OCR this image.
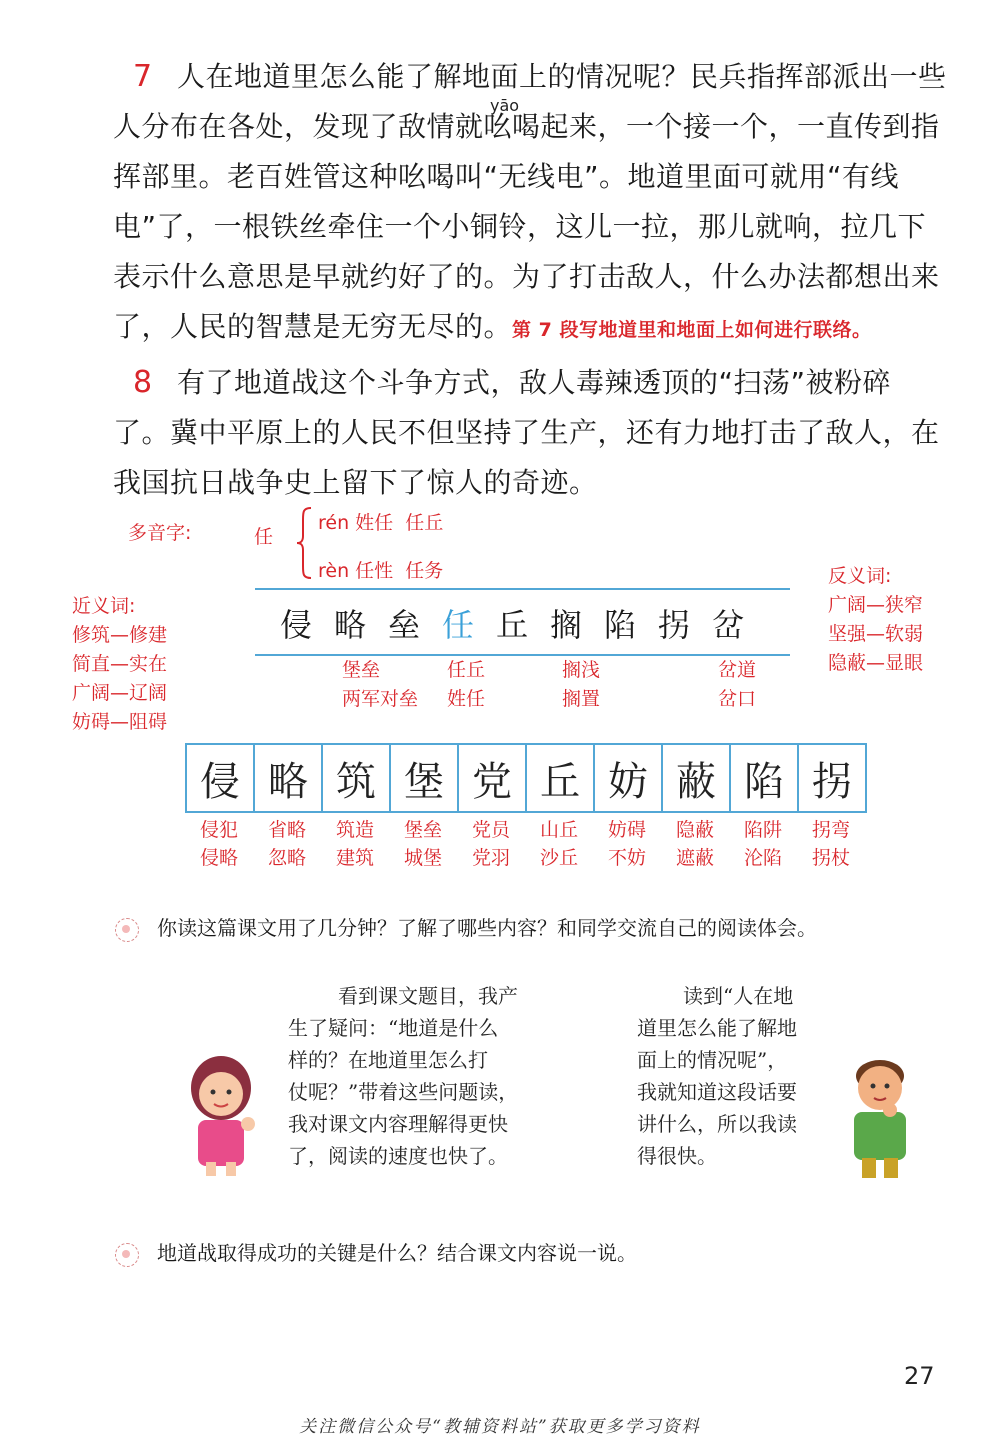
7 人在地道里怎么能了解地面上的情况呢？民兵指挥部派出一些
人分布在各处，发现了敌情就吆喝起来，一个接一个，一直传到指
挥部里。老百姓管这种吆喝叫“无线电”。地道里面可就用“有线
电”了，一根铁丝牵住一个小铜铃，这儿一拉，那儿就响，拉几下
表示什么意思是早就约好了的。为了打击敌人，什么办法都想出来
了，人民的智慧是无穷无尽的。第 7 段写地道里和地面上如何进行联络。
yāo
8 有了地道战这个斗争方式，敌人毒辣透顶的“扫荡”被粉碎
了。冀中平原上的人民不但坚持了生产，还有力地打击了敌人，在
我国抗日战争史上留下了惊人的奇迹。
多音字:	任
rén 姓任  任丘
rèn 任性  任务
近义词:
修筑—修建
简直—实在
广阔—辽阔
妨碍—阻碍
反义词:
广阔—狭窄
坚强—软弱
隐蔽—显眼
侵 略 垒 任 丘 搁 陷 拐 岔
堡垒
两军对垒
任丘
姓任
搁浅
搁置
岔道
岔口
侵 略 筑 堡 党 丘 妨 蔽 陷 拐
侵犯
侵略
省略
忽略
筑造
建筑
堡垒
城堡
党员
党羽
山丘
沙丘
妨碍
不妨
隐蔽
遮蔽
陷阱
沦陷
拐弯
拐杖
你读这篇课文用了几分钟？了解了哪些内容？和同学交流自己的阅读体会。
看到课文题目，我产
生了疑问：“地道是什么
样的？在地道里怎么打
仗呢？”带着这些问题读，
我对课文内容理解得更快
了，阅读的速度也快了。
读到“人在地
道里怎么能了解地
面上的情况呢”，
我就知道这段话要
讲什么，所以我读
得很快。
地道战取得成功的关键是什么？结合课文内容说一说。
27
关注微信公众号“教辅资料站”获取更多学习资料
